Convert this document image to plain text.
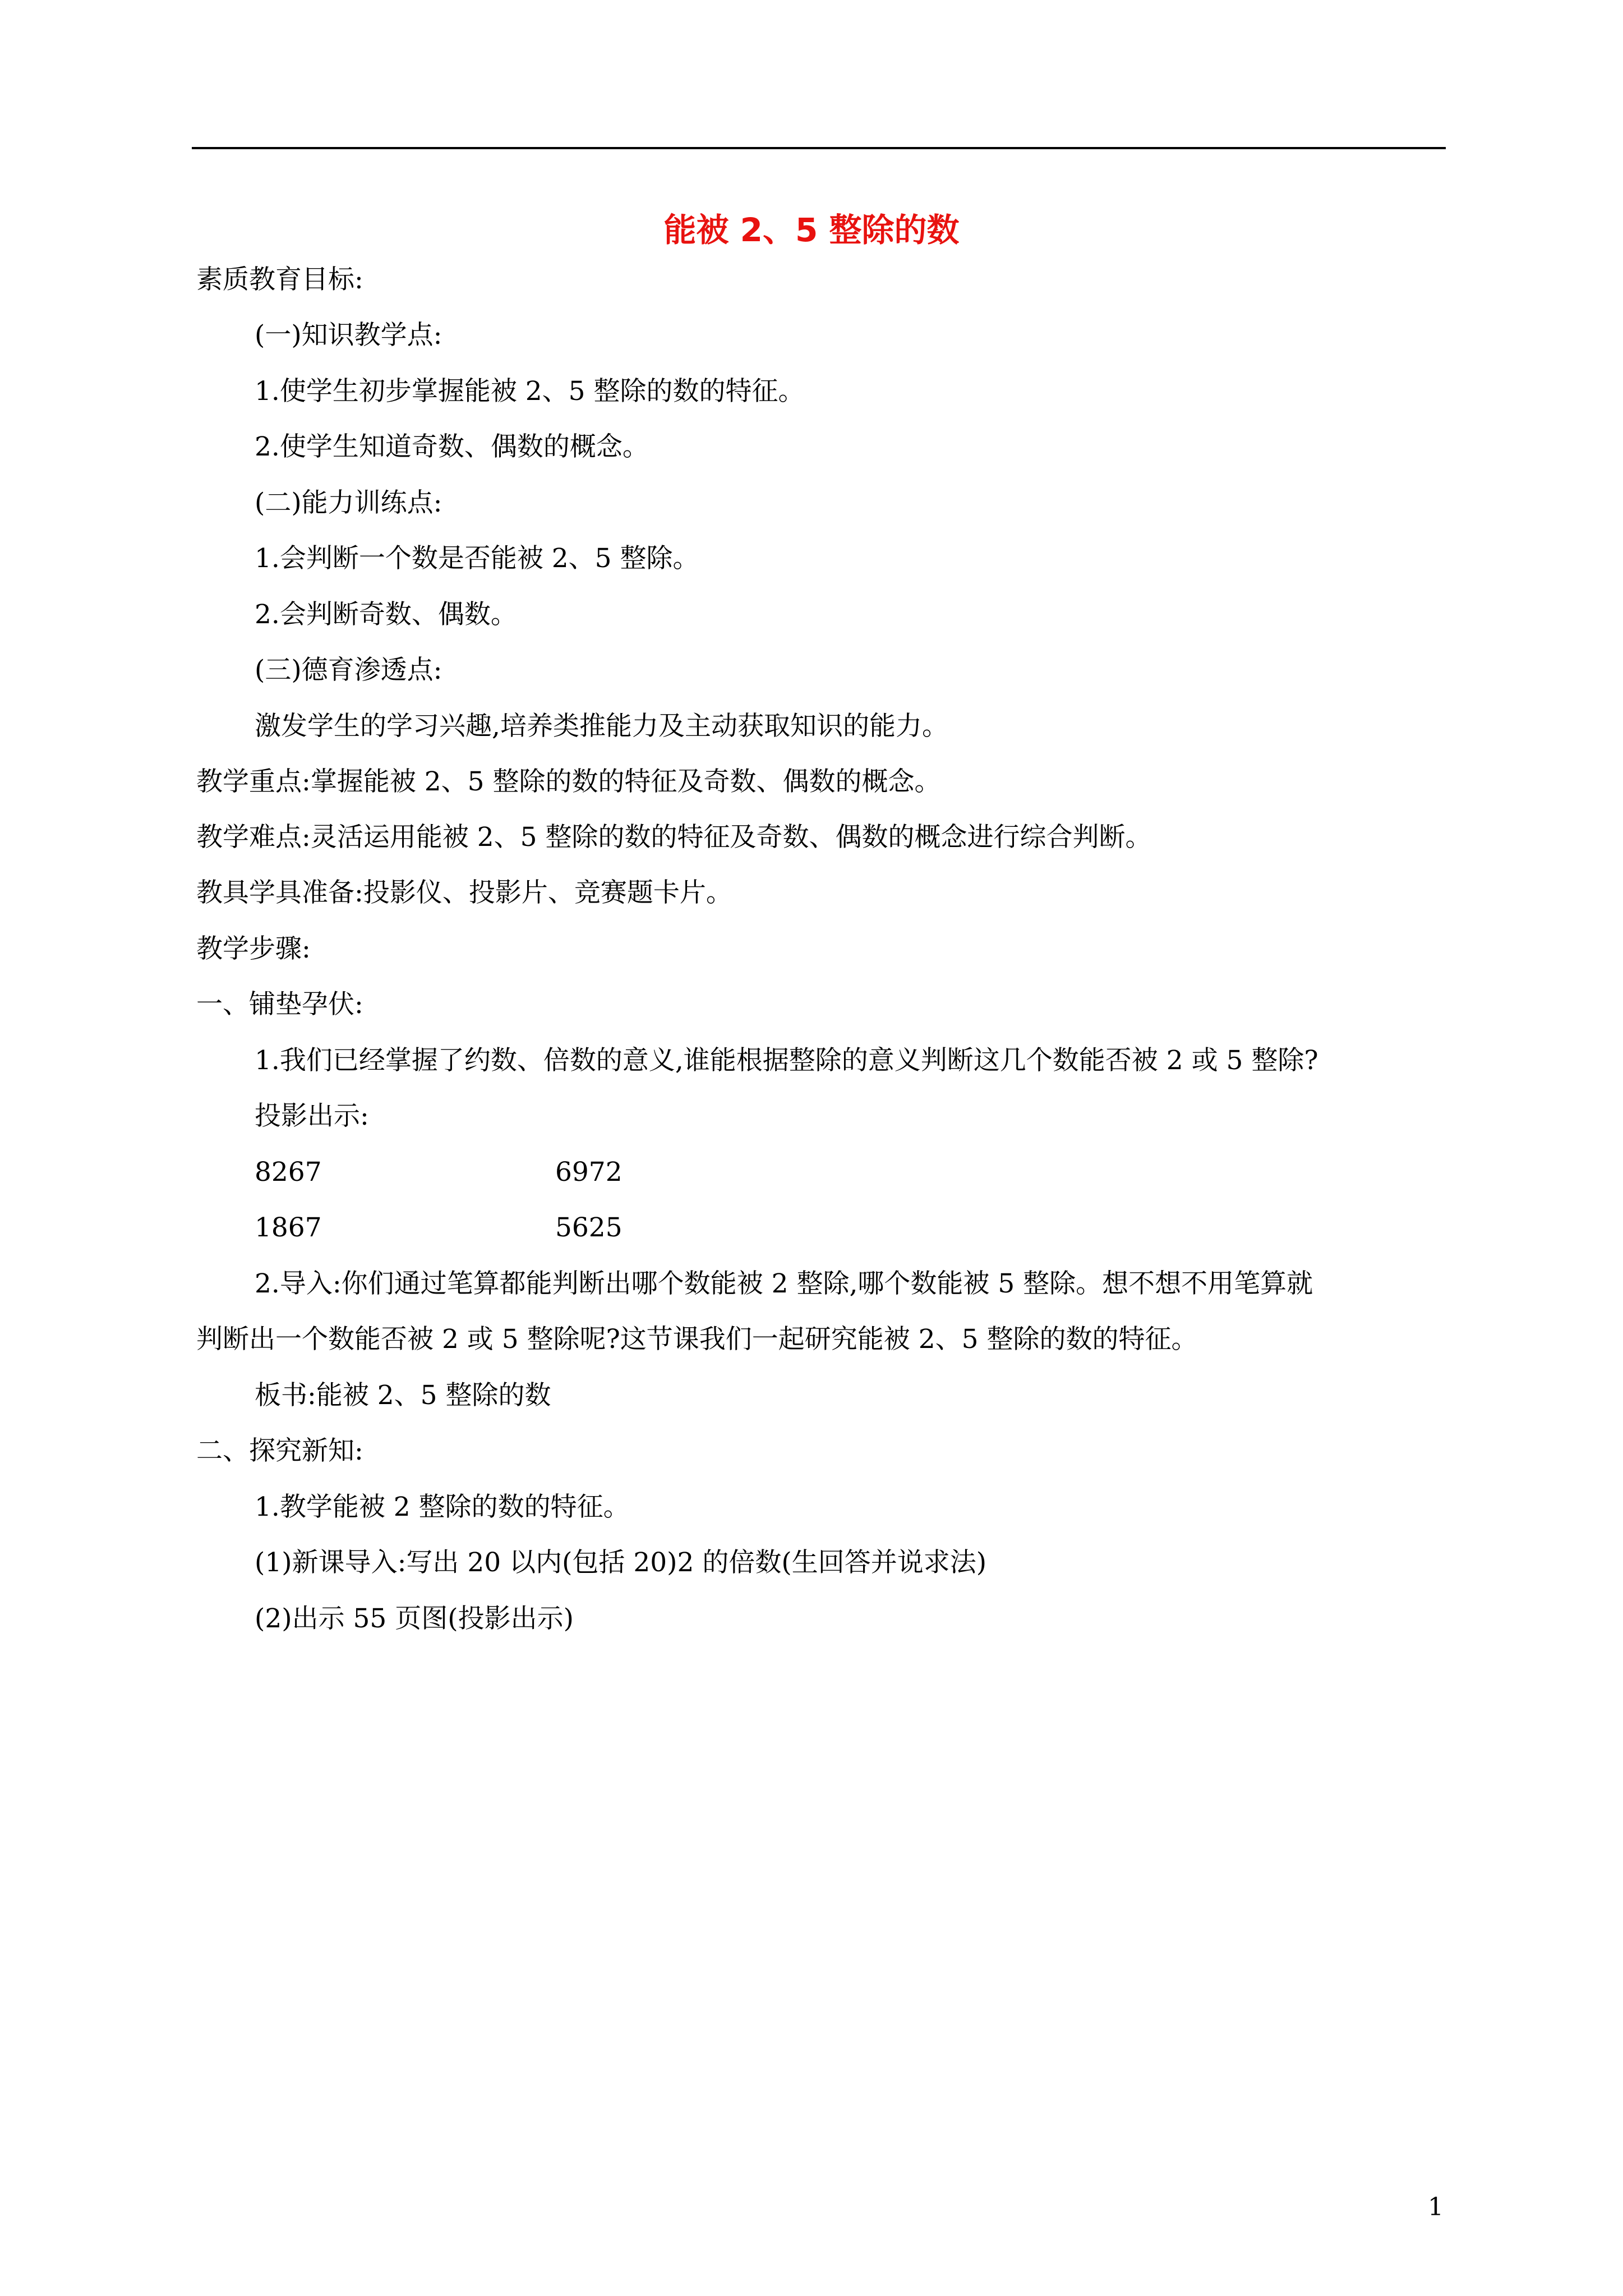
能被 2、5 整除的数
素质教育目标:
(一)知识教学点:
1.使学生初步掌握能被 2、5 整除的数的特征。
2.使学生知道奇数、偶数的概念。
(二)能力训练点:
1.会判断一个数是否能被 2、5 整除。
2.会判断奇数、偶数。
(三)德育渗透点:
激发学生的学习兴趣,培养类推能力及主动获取知识的能力。
教学重点:掌握能被 2、5 整除的数的特征及奇数、偶数的概念。
教学难点:灵活运用能被 2、5 整除的数的特征及奇数、偶数的概念进行综合判断。
教具学具准备:投影仪、投影片、竞赛题卡片。
教学步骤:
一、铺垫孕伏:
1.我们已经掌握了约数、倍数的意义,谁能根据整除的意义判断这几个数能否被 2 或 5 整除?
投影出示:
8267	6972
1867	5625
2.导入:你们通过笔算都能判断出哪个数能被 2 整除,哪个数能被 5 整除。想不想不用笔算就
判断出一个数能否被 2 或 5 整除呢?这节课我们一起研究能被 2、5 整除的数的特征。
板书:能被 2、5 整除的数
二、探究新知:
1.教学能被 2 整除的数的特征。
(1)新课导入:写出 20 以内(包括 20)2 的倍数(生回答并说求法)
(2)出示 55 页图(投影出示)
1
